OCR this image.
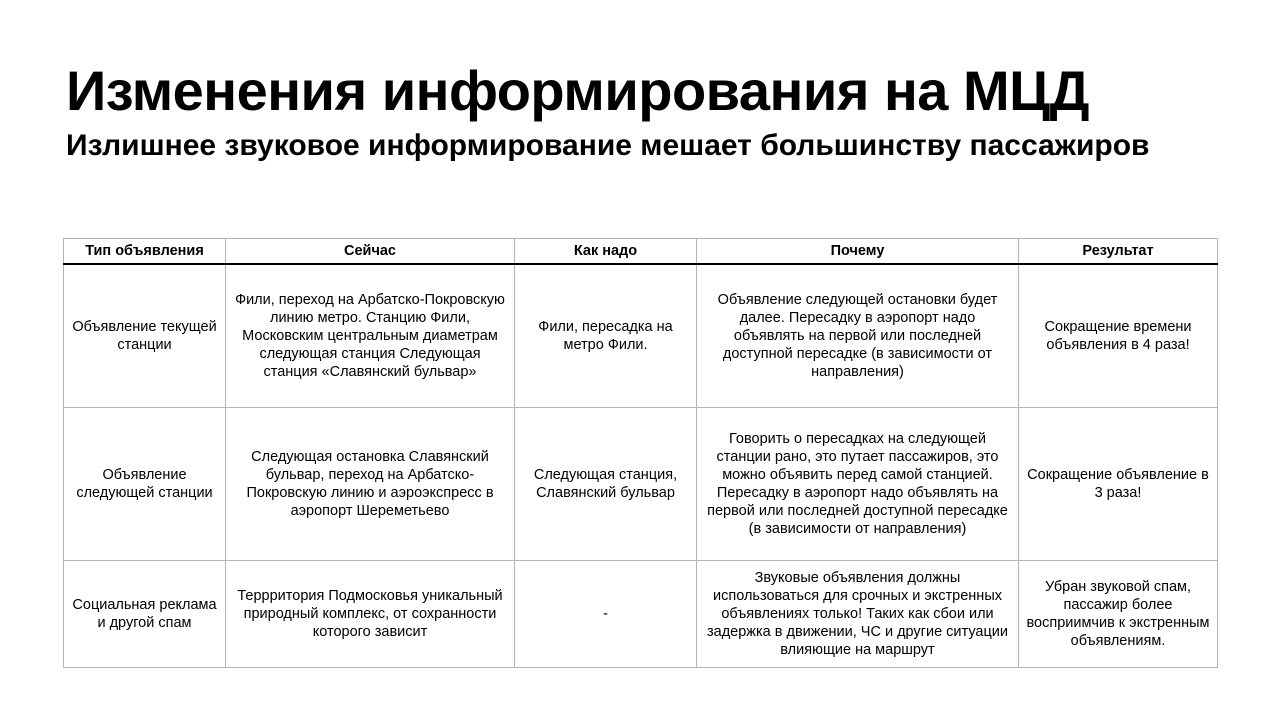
Изменения информирования на МЦД
Излишнее звуковое информирование мешает большинству пассажиров
Тип объявления	Сейчас	Как надо	Почему	Результат
Объявление текущей станции	Фили, переход на Арбатско-Покровскую линию метро. Станцию Фили, Московским центральным диаметрам следующая станция Следующая станция «Славянский бульвар»	Фили, пересадка на метро Фили.	Объявление следующей остановки будет далее. Пересадку в аэропорт надо объявлять на первой или последней доступной пересадке (в зависимости от направления)	Сокращение времени объявления в 4 раза!
Объявление следующей станции	Следующая остановка Славянский бульвар, переход на Арбатско-Покровскую линию и аэроэкспресс в аэропорт Шереметьево	Следующая станция, Славянский бульвар	Говорить о пересадках на следующей станции рано, это путает пассажиров, это можно объявить перед самой станцией. Пересадку в аэропорт надо объявлять на первой или последней доступной пересадке (в зависимости от направления)	Сокращение объявление в 3 раза!
Социальная реклама и другой спам	Террритория Подмосковья уникальный природный комплекс, от сохранности которого зависит	-	Звуковые объявления должны использоваться для срочных и экстренных объявлениях только! Таких как сбои или задержка в движении, ЧС и другие ситуации влияющие на маршрут	Убран звуковой спам, пассажир более восприимчив к экстренным объявлениям.
